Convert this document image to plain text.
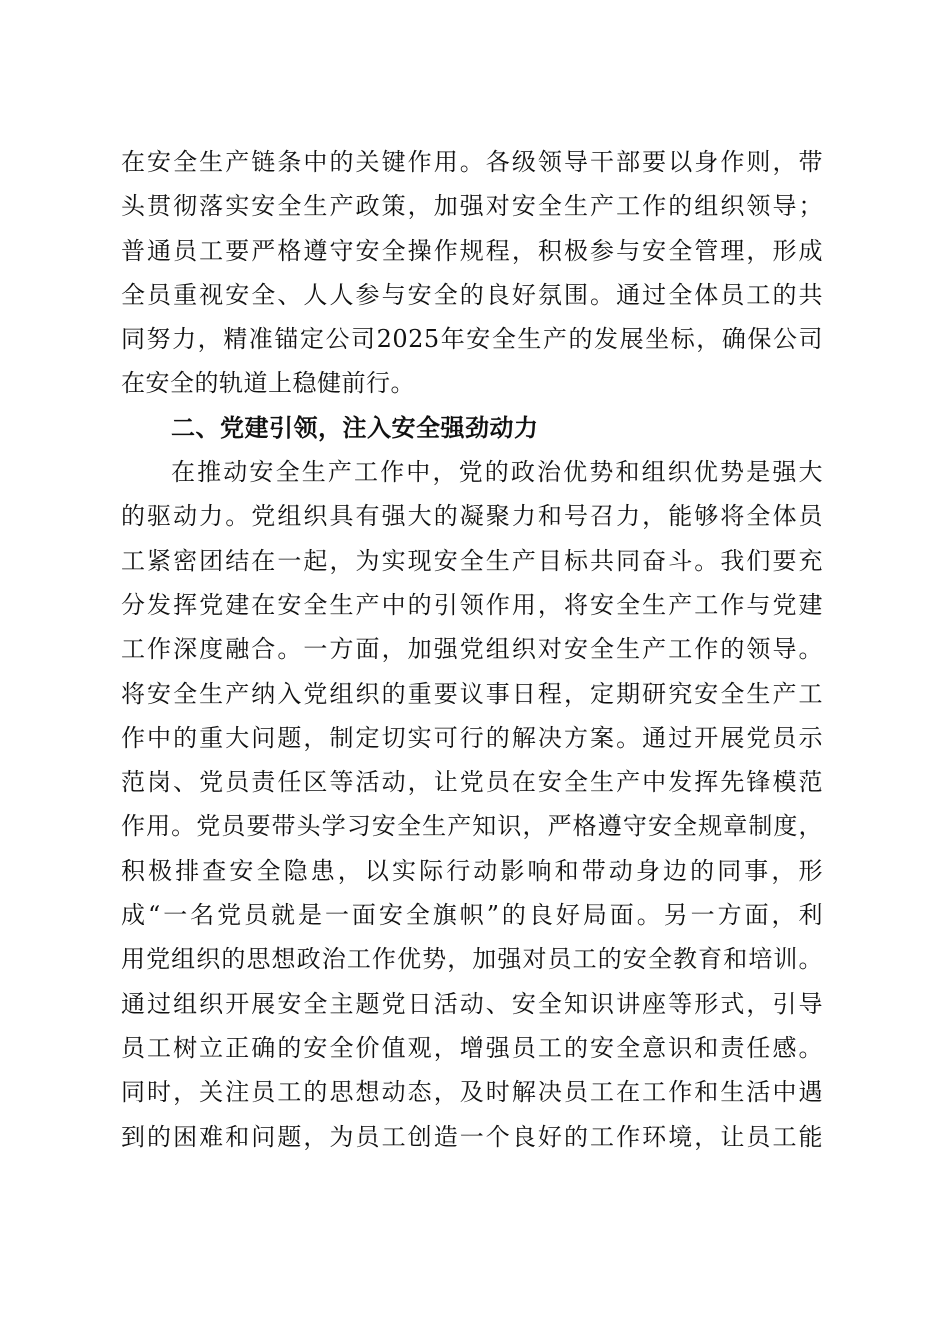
在安全生产链条中的关键作用。各级领导干部要以身作则，带
头贯彻落实安全生产政策，加强对安全生产工作的组织领导；
普通员工要严格遵守安全操作规程，积极参与安全管理，形成
全员重视安全、人人参与安全的良好氛围。通过全体员工的共
同努力，精准锚定公司2025年安全生产的发展坐标，确保公司
在安全的轨道上稳健前行。
二、党建引领，注入安全强劲动力
在推动安全生产工作中，党的政治优势和组织优势是强大
的驱动力。党组织具有强大的凝聚力和号召力，能够将全体员
工紧密团结在一起，为实现安全生产目标共同奋斗。我们要充
分发挥党建在安全生产中的引领作用，将安全生产工作与党建
工作深度融合。一方面，加强党组织对安全生产工作的领导。
将安全生产纳入党组织的重要议事日程，定期研究安全生产工
作中的重大问题，制定切实可行的解决方案。通过开展党员示
范岗、党员责任区等活动，让党员在安全生产中发挥先锋模范
作用。党员要带头学习安全生产知识，严格遵守安全规章制度，
积极排查安全隐患，以实际行动影响和带动身边的同事，形
成“一名党员就是一面安全旗帜”的良好局面。另一方面，利
用党组织的思想政治工作优势，加强对员工的安全教育和培训。
通过组织开展安全主题党日活动、安全知识讲座等形式，引导
员工树立正确的安全价值观，增强员工的安全意识和责任感。
同时，关注员工的思想动态，及时解决员工在工作和生活中遇
到的困难和问题，为员工创造一个良好的工作环境，让员工能
